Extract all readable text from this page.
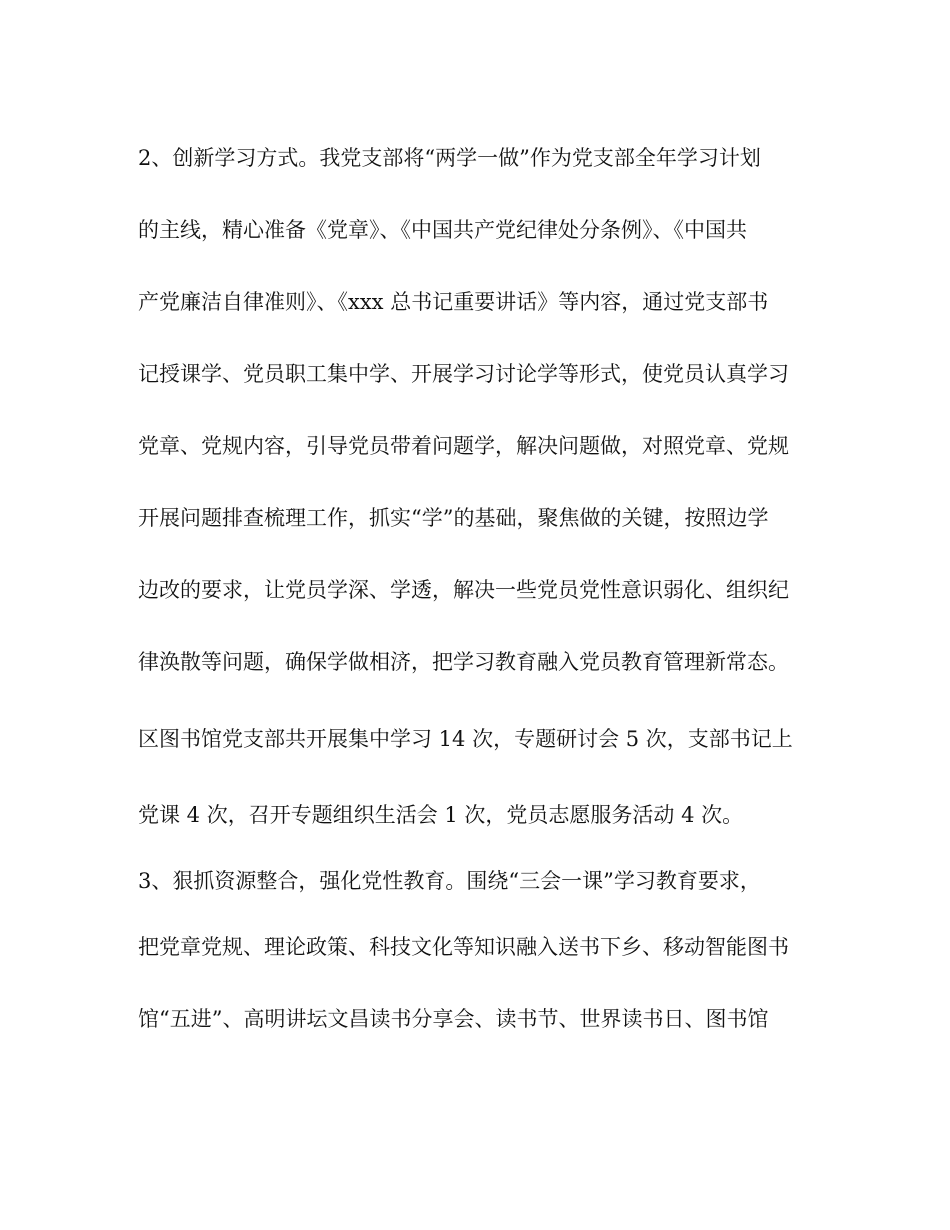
2、创新学习方式。我党支部将“两学一做”作为党支部全年学习计划
的主线，精心准备《党章》、《中国共产党纪律处分条例》、《中国共
产党廉洁自律准则》、《xxx 总书记重要讲话》等内容，通过党支部书
记授课学、党员职工集中学、开展学习讨论学等形式，使党员认真学习
党章、党规内容，引导党员带着问题学，解决问题做，对照党章、党规
开展问题排查梳理工作，抓实“学”的基础，聚焦做的关键，按照边学
边改的要求，让党员学深、学透，解决一些党员党性意识弱化、组织纪
律涣散等问题，确保学做相济，把学习教育融入党员教育管理新常态。
区图书馆党支部共开展集中学习 14 次，专题研讨会 5 次，支部书记上
党课 4 次，召开专题组织生活会 1 次，党员志愿服务活动 4 次。
3、狠抓资源整合，强化党性教育。围绕“三会一课”学习教育要求，
把党章党规、理论政策、科技文化等知识融入送书下乡、移动智能图书
馆“五进”、高明讲坛文昌读书分享会、读书节、世界读书日、图书馆
